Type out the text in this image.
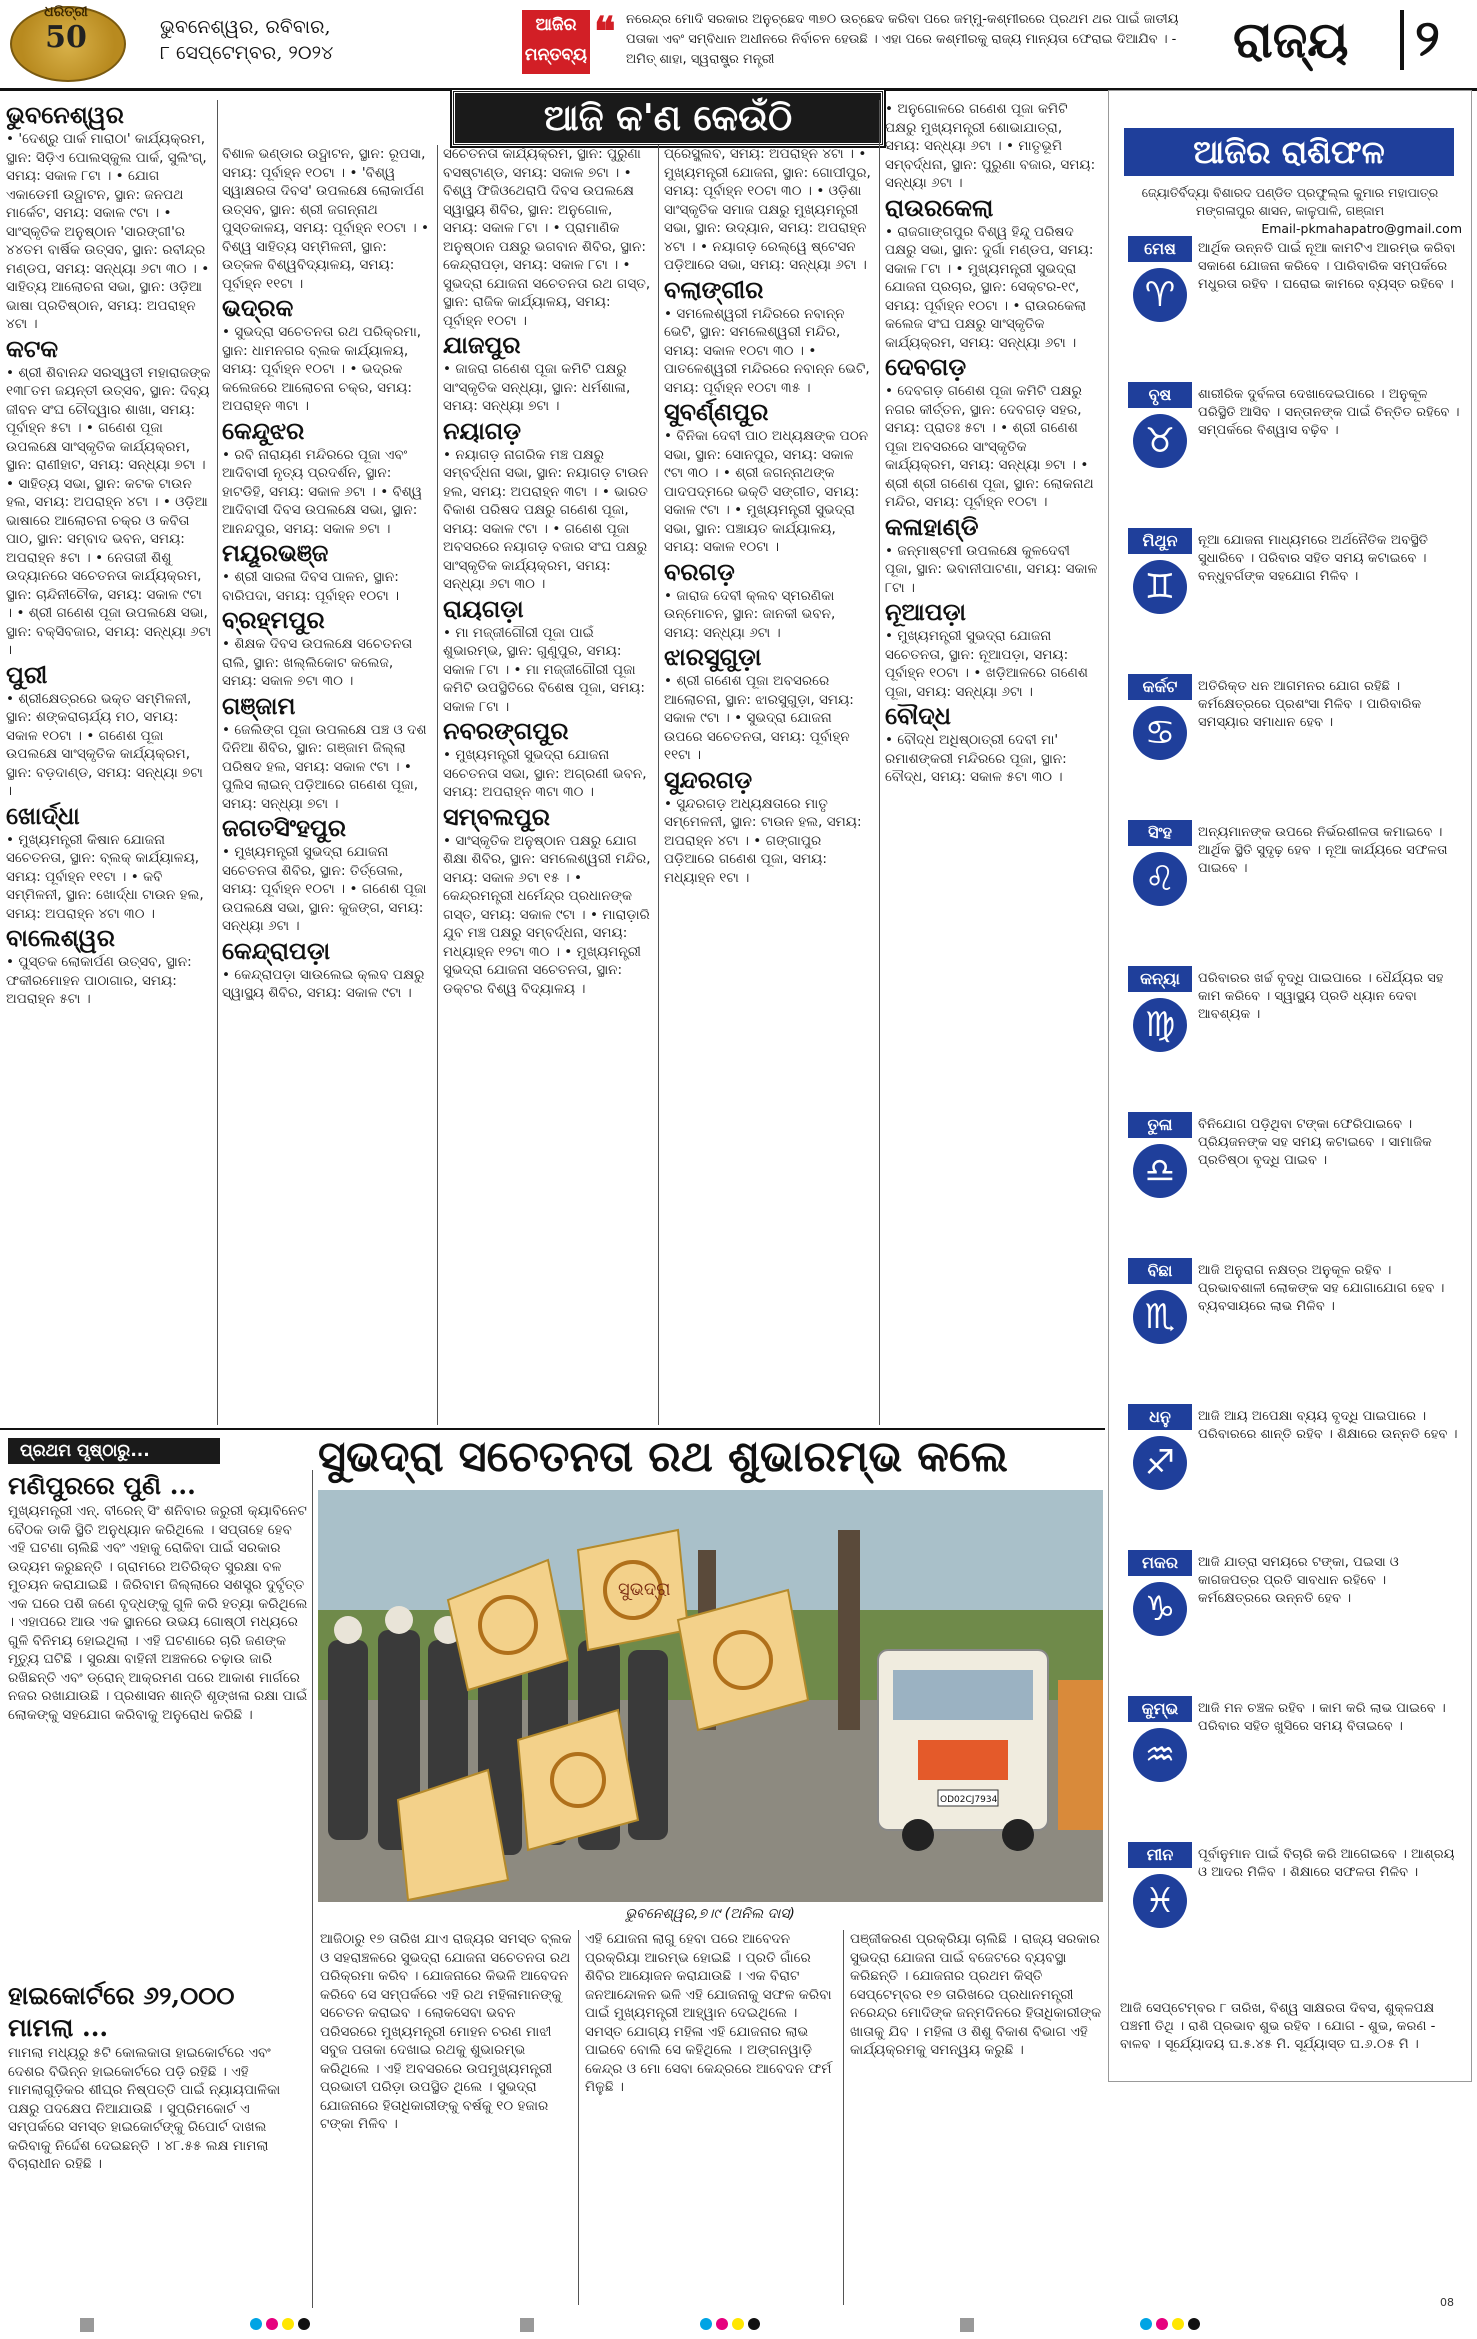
50
ଧରିତ୍ରୀ
ଭୁବନେଶ୍ୱର, ରବିବାର,
୮ ସେପ୍ଟେମ୍ବର, ୨୦୨୪
ଆଜିର ମନ୍ତବ୍ୟ ❝ ନରେନ୍ଦ୍ର ମୋଦି ସରକାର ଅନୁଚ୍ଛେଦ ୩୭୦ ଉଚ୍ଛେଦ କରିବା ପରେ ଜମ୍ମୁ-କଶ୍ମୀରରେ ପ୍ରଥମ ଥର ପାଇଁ ଜାତୀୟ ପତାକା ଏବଂ ସମ୍ବିଧାନ ଅଧୀନରେ ନିର୍ବାଚନ ହେଉଛି । ଏହା ପରେ କଶ୍ମୀରକୁ ରାଜ୍ୟ ମାନ୍ୟତା ଫେରାଇ ଦିଆଯିବ । - ଅମିତ୍ ଶାହା, ସ୍ୱରାଷ୍ଟ୍ର ମନ୍ତ୍ରୀ	ରାଜ୍ୟ	୨
ଆଜି କ'ଣ କେଉଁଠି
ଭୁବନେଶ୍ୱର
• 'ଦେଶ୍ରୁ ପାର୍କ ମାରାଠା' କାର୍ଯ୍ୟକ୍ରମ, ସ୍ଥାନ: ସିଡ଼ିଏ ପୋଲସ୍କୁଲ ପାର୍କ, ସୁଲିଂଗ୍, ସମୟ: ସକାଳ ୮ଟା । • ଯୋଗ ଏକାଡେମୀ ଉଦ୍ଘାଟନ, ସ୍ଥାନ: ଜନପଥ ମାର୍କେଟ, ସମୟ: ସକାଳ ୯ଟା । • ସାଂସ୍କୃତିକ ଅନୁଷ୍ଠାନ 'ସାରଙ୍ଗୀ'ର ୪୪ତମ ବାର୍ଷିକ ଉତ୍ସବ, ସ୍ଥାନ: ରବୀନ୍ଦ୍ର ମଣ୍ଡପ, ସମୟ: ସନ୍ଧ୍ୟା ୬ଟା ୩୦ । • ସାହିତ୍ୟ ଆଲୋଚନା ସଭା, ସ୍ଥାନ: ଓଡ଼ିଆ ଭାଷା ପ୍ରତିଷ୍ଠାନ, ସମୟ: ଅପରାହ୍ନ ୪ଟା ।
କଟକ
• ଶ୍ରୀ ଶିବାନନ୍ଦ ସରସ୍ୱତୀ ମହାରାଜଙ୍କ ୧୩୮ତମ ଜୟନ୍ତୀ ଉତ୍ସବ, ସ୍ଥାନ: ଦିବ୍ୟ ଜୀବନ ସଂଘ ଚୌଦ୍ୱାର ଶାଖା, ସମୟ: ପୂର୍ବାହ୍ନ ୫ଟା । • ଗଣେଶ ପୂଜା ଉପଲକ୍ଷେ ସାଂସ୍କୃତିକ କାର୍ଯ୍ୟକ୍ରମ, ସ୍ଥାନ: ରାଣୀହାଟ, ସମୟ: ସନ୍ଧ୍ୟା ୭ଟା । • ସାହିତ୍ୟ ସଭା, ସ୍ଥାନ: କଟକ ଟାଉନ ହଲ, ସମୟ: ଅପରାହ୍ନ ୪ଟା । • ଓଡ଼ିଆ ଭାଷାରେ ଆଲୋଚନା ଚକ୍ର ଓ କବିତା ପାଠ, ସ୍ଥାନ: ସମ୍ବାଦ ଭବନ, ସମୟ: ଅପରାହ୍ନ ୫ଟା । • ନେତାଜୀ ଶିଶୁ ଉଦ୍ୟାନରେ ସଚେତନତା କାର୍ଯ୍ୟକ୍ରମ, ସ୍ଥାନ: ଚାନ୍ଦିନୀଚୌକ, ସମୟ: ସକାଳ ୯ଟା । • ଶ୍ରୀ ଗଣେଶ ପୂଜା ଉପଲକ୍ଷେ ସଭା, ସ୍ଥାନ: ବକ୍ସିବଜାର, ସମୟ: ସନ୍ଧ୍ୟା ୬ଟା ।
ପୁରୀ
• ଶ୍ରୀକ୍ଷେତ୍ରରେ ଭକ୍ତ ସମ୍ମିଳନୀ, ସ୍ଥାନ: ଶଙ୍କରାଚାର୍ଯ୍ୟ ମଠ, ସମୟ: ସକାଳ ୧୦ଟା । • ଗଣେଶ ପୂଜା ଉପଲକ୍ଷେ ସାଂସ୍କୃତିକ କାର୍ଯ୍ୟକ୍ରମ, ସ୍ଥାନ: ବଡ଼ଦାଣ୍ଡ, ସମୟ: ସନ୍ଧ୍ୟା ୭ଟା ।
ଖୋର୍ଦ୍ଧା
• ମୁଖ୍ୟମନ୍ତ୍ରୀ କିଷାନ ଯୋଜନା ସଚେତନତା, ସ୍ଥାନ: ବ୍ଲକ୍ କାର୍ଯ୍ୟାଳୟ, ସମୟ: ପୂର୍ବାହ୍ନ ୧୧ଟା । • କବି ସମ୍ମିଳନୀ, ସ୍ଥାନ: ଖୋର୍ଦ୍ଧା ଟାଉନ ହଲ, ସମୟ: ଅପରାହ୍ନ ୪ଟା ୩୦ ।
ବାଲେଶ୍ୱର
• ପୁସ୍ତକ ଲୋକାର୍ପଣ ଉତ୍ସବ, ସ୍ଥାନ: ଫକୀରମୋହନ ପାଠାଗାର, ସମୟ: ଅପରାହ୍ନ ୫ଟା ।
ବିଶାଳ ଭଣ୍ଡାର ଉଦ୍ଘାଟନ, ସ୍ଥାନ: ରୂପସା, ସମୟ: ପୂର୍ବାହ୍ନ ୧୦ଟା । • 'ବିଶ୍ୱ ସ୍ୱାକ୍ଷରତା ଦିବସ' ଉପଲକ୍ଷେ ଲୋକାର୍ପଣ ଉତ୍ସବ, ସ୍ଥାନ: ଶ୍ରୀ ଜଗନ୍ନାଥ ପୁସ୍ତକାଳୟ, ସମୟ: ପୂର୍ବାହ୍ନ ୧୦ଟା । • ବିଶ୍ୱ ସାହିତ୍ୟ ସମ୍ମିଳନୀ, ସ୍ଥାନ: ଉତ୍କଳ ବିଶ୍ୱବିଦ୍ୟାଳୟ, ସମୟ: ପୂର୍ବାହ୍ନ ୧୧ଟା ।
ଭଦ୍ରକ
• ସୁଭଦ୍ରା ସଚେତନତା ରଥ ପରିକ୍ରମା, ସ୍ଥାନ: ଧାମନଗର ବ୍ଲକ କାର୍ଯ୍ୟାଳୟ, ସମୟ: ପୂର୍ବାହ୍ନ ୧୦ଟା । • ଭଦ୍ରକ କଲେଜରେ ଆଲୋଚନା ଚକ୍ର, ସମୟ: ଅପରାହ୍ନ ୩ଟା ।
କେନ୍ଦୁଝର
• ରବି ନାରାୟଣ ମନ୍ଦିରରେ ପୂଜା ଏବଂ ଆଦିବାସୀ ନୃତ୍ୟ ପ୍ରଦର୍ଶନ, ସ୍ଥାନ: ହାଟଡିହି, ସମୟ: ସକାଳ ୬ଟା । • ବିଶ୍ୱ ଆଦିବାସୀ ଦିବସ ଉପଲକ୍ଷେ ସଭା, ସ୍ଥାନ: ଆନନ୍ଦପୁର, ସମୟ: ସକାଳ ୭ଟା ।
ମୟୂରଭଞ୍ଜ
• ଶ୍ରୀ ସାରଳା ଦିବସ ପାଳନ, ସ୍ଥାନ: ବାରିପଦା, ସମୟ: ପୂର୍ବାହ୍ନ ୧୦ଟା ।
ବ୍ରହ୍ମପୁର
• ଶିକ୍ଷକ ଦିବସ ଉପଲକ୍ଷେ ସଚେତନତା ରାଲି, ସ୍ଥାନ: ଖଲ୍ଲିକୋଟ କଲେଜ, ସମୟ: ସକାଳ ୭ଟା ୩୦ ।
ଗଞ୍ଜାମ
• ଜେଲିଙ୍ଗ ପୂଜା ଉପଲକ୍ଷେ ପଞ୍ଚ ଓ ଦଶ ଦିନିଆ ଶିବିର, ସ୍ଥାନ: ଗଞ୍ଜାମ ଜିଲ୍ଲା ପରିଷଦ ହଲ, ସମୟ: ସକାଳ ୯ଟା । • ପୁଲିସ ଲାଇନ୍ ପଡ଼ିଆରେ ଗଣେଶ ପୂଜା, ସମୟ: ସନ୍ଧ୍ୟା ୭ଟା ।
ଜଗତସିଂହପୁର
• ମୁଖ୍ୟମନ୍ତ୍ରୀ ସୁଭଦ୍ରା ଯୋଜନା ସଚେତନତା ଶିବିର, ସ୍ଥାନ: ତିର୍ତ୍ତୋଲ, ସମୟ: ପୂର୍ବାହ୍ନ ୧୦ଟା । • ଗଣେଶ ପୂଜା ଉପଲକ୍ଷେ ସଭା, ସ୍ଥାନ: କୁଜଙ୍ଗ, ସମୟ: ସନ୍ଧ୍ୟା ୬ଟା ।
କେନ୍ଦ୍ରାପଡ଼ା
• କେନ୍ଦ୍ରାପଡ଼ା ସାଉଲେଇ କ୍ଲବ ପକ୍ଷରୁ ସ୍ୱାସ୍ଥ୍ୟ ଶିବିର, ସମୟ: ସକାଳ ୯ଟା ।
ସଚେତନତା କାର୍ଯ୍ୟକ୍ରମ, ସ୍ଥାନ: ପୁରୁଣା ବସଷ୍ଟାଣ୍ଡ, ସମୟ: ସକାଳ ୭ଟା । • ବିଶ୍ୱ ଫିଜିଓଥେରାପି ଦିବସ ଉପଲକ୍ଷେ ସ୍ୱାସ୍ଥ୍ୟ ଶିବିର, ସ୍ଥାନ: ଅନୁଗୋଳ, ସମୟ: ସକାଳ ୮ଟା । • ପ୍ରାମାଣିକ ଅନୁଷ୍ଠାନ ପକ୍ଷରୁ ଭଗବାନ ଶିବିର, ସ୍ଥାନ: କେନ୍ଦ୍ରାପଡ଼ା, ସମୟ: ସକାଳ ୮ଟା । • ସୁଭଦ୍ରା ଯୋଜନା ସଚେତନତା ରଥ ଗସ୍ତ, ସ୍ଥାନ: ରାଜିକ କାର୍ଯ୍ୟାଳୟ, ସମୟ: ପୂର୍ବାହ୍ନ ୧୦ଟା ।
ଯାଜପୁର
• ଜାଜରା ଗଣେଶ ପୂଜା କମିଟି ପକ୍ଷରୁ ସାଂସ୍କୃତିକ ସନ୍ଧ୍ୟା, ସ୍ଥାନ: ଧର୍ମଶାଳା, ସମୟ: ସନ୍ଧ୍ୟା ୭ଟା ।
ନୟାଗଡ଼
• ନୟାଗଡ଼ ନାଗରିକ ମଞ୍ଚ ପକ୍ଷରୁ ସମ୍ବର୍ଦ୍ଧନା ସଭା, ସ୍ଥାନ: ନୟାଗଡ଼ ଟାଉନ ହଲ, ସମୟ: ଅପରାହ୍ନ ୩ଟା । • ଭାରତ ବିକାଶ ପରିଷଦ ପକ୍ଷରୁ ଗଣେଶ ପୂଜା, ସମୟ: ସକାଳ ୯ଟା । • ଗଣେଶ ପୂଜା ଅବସରରେ ନୟାଗଡ଼ ବଜାର ସଂଘ ପକ୍ଷରୁ ସାଂସ୍କୃତିକ କାର୍ଯ୍ୟକ୍ରମ, ସମୟ: ସନ୍ଧ୍ୟା ୬ଟା ୩୦ ।
ରାୟଗଡ଼ା
• ମା ମଜ୍ଜୀଗୌରୀ ପୂଜା ପାଇଁ ଶୁଭାରମ୍ଭ, ସ୍ଥାନ: ଗୁଣୁପୁର, ସମୟ: ସକାଳ ୮ଟା । • ମା ମଜ୍ଜୀଗୌରୀ ପୂଜା କମିଟି ଉପସ୍ଥିତିରେ ବିଶେଷ ପୂଜା, ସମୟ: ସକାଳ ୮ଟା ।
ନବରଙ୍ଗପୁର
• ମୁଖ୍ୟମନ୍ତ୍ରୀ ସୁଭଦ୍ରା ଯୋଜନା ସଚେତନତା ସଭା, ସ୍ଥାନ: ଅଗ୍ରଣୀ ଭବନ, ସମୟ: ଅପରାହ୍ନ ୩ଟା ୩୦ ।
ସମ୍ବଲପୁର
• ସାଂସ୍କୃତିକ ଅନୁଷ୍ଠାନ ପକ୍ଷରୁ ଯୋଗ ଶିକ୍ଷା ଶିବିର, ସ୍ଥାନ: ସମଲେଶ୍ୱରୀ ମନ୍ଦିର, ସମୟ: ସକାଳ ୬ଟା ୧୫ । • କେନ୍ଦ୍ରମନ୍ତ୍ରୀ ଧର୍ମେନ୍ଦ୍ର ପ୍ରଧାନଙ୍କ ଗସ୍ତ, ସମୟ: ସକାଳ ୯ଟା । • ମାରାଡ଼ାରି ଯୁବ ମଞ୍ଚ ପକ୍ଷରୁ ସମ୍ବର୍ଦ୍ଧନା, ସମୟ: ମଧ୍ୟାହ୍ନ ୧୨ଟା ୩୦ । • ମୁଖ୍ୟମନ୍ତ୍ରୀ ସୁଭଦ୍ରା ଯୋଜନା ସଚେତନତା, ସ୍ଥାନ: ଡକ୍ଟର ବିଶ୍ୱ ବିଦ୍ୟାଳୟ ।
ପ୍ରେସ୍କ୍ଲବ, ସମୟ: ଅପରାହ୍ନ ୪ଟା । • ମୁଖ୍ୟମନ୍ତ୍ରୀ ଯୋଜନା, ସ୍ଥାନ: ଗୋପୀପୁର, ସମୟ: ପୂର୍ବାହ୍ନ ୧୦ଟା ୩୦ । • ଓଡ଼ିଶା ସାଂସ୍କୃତିକ ସମାଜ ପକ୍ଷରୁ ମୁଖ୍ୟମନ୍ତ୍ରୀ ସଭା, ସ୍ଥାନ: ଉଦ୍ୟାନ, ସମୟ: ଅପରାହ୍ନ ୪ଟା । • ନୟାଗଡ଼ ରେଲ୍ୱେ ଷ୍ଟେସନ ପଡ଼ିଆରେ ସଭା, ସମୟ: ସନ୍ଧ୍ୟା ୬ଟା ।
ବଲାଙ୍ଗୀର
• ସମଲେଶ୍ୱରୀ ମନ୍ଦିରରେ ନବାନ୍ନ ଭେଟି, ସ୍ଥାନ: ସମଲେଶ୍ୱରୀ ମନ୍ଦିର, ସମୟ: ସକାଳ ୧୦ଟା ୩୦ । • ପାତଳେଶ୍ୱରୀ ମନ୍ଦିରରେ ନବାନ୍ନ ଭେଟି, ସମୟ: ପୂର୍ବାହ୍ନ ୧୦ଟା ୩୫ ।
ସୁବର୍ଣ୍ଣପୁର
• ବିନିକା ଦେବୀ ପାଠ ଅଧ୍ୟକ୍ଷଙ୍କ ପଠନ ସଭା, ସ୍ଥାନ: ସୋନପୁର, ସମୟ: ସକାଳ ୯ଟା ୩୦ । • ଶ୍ରୀ ଜଗନ୍ନାଥଙ୍କ ପାଦପଦ୍ମରେ ଭକ୍ତି ସଙ୍ଗୀତ, ସମୟ: ସକାଳ ୯ଟା । • ମୁଖ୍ୟମନ୍ତ୍ରୀ ସୁଭଦ୍ରା ସଭା, ସ୍ଥାନ: ପଞ୍ଚାୟତ କାର୍ଯ୍ୟାଳୟ, ସମୟ: ସକାଳ ୧୦ଟା ।
ବରଗଡ଼
• ଜାରାଜ ଦେବୀ କ୍ଲବ ସ୍ମରଣିକା ଉନ୍ମୋଚନ, ସ୍ଥାନ: ଜାନକୀ ଭବନ, ସମୟ: ସନ୍ଧ୍ୟା ୬ଟା ।
ଝାରସୁଗୁଡ଼ା
• ଶ୍ରୀ ଗଣେଶ ପୂଜା ଅବସରରେ ଆଲୋଚନା, ସ୍ଥାନ: ଝାରସୁଗୁଡ଼ା, ସମୟ: ସକାଳ ୯ଟା । • ସୁଭଦ୍ରା ଯୋଜନା ଉପରେ ସଚେତନତା, ସମୟ: ପୂର୍ବାହ୍ନ ୧୧ଟା ।
ସୁନ୍ଦରଗଡ଼
• ସୁନ୍ଦରଗଡ଼ ଅଧ୍ୟକ୍ଷତାରେ ମାତୃ ସମ୍ମେଳନୀ, ସ୍ଥାନ: ଟାଉନ ହଲ, ସମୟ: ଅପରାହ୍ନ ୪ଟା । • ଗଙ୍ଗାପୁର ପଡ଼ିଆରେ ଗଣେଶ ପୂଜା, ସମୟ: ମଧ୍ୟାହ୍ନ ୧ଟା ।
• ଅନୁଗୋଳରେ ଗଣେଶ ପୂଜା କମିଟି ପକ୍ଷରୁ ମୁଖ୍ୟମନ୍ତ୍ରୀ ଶୋଭାଯାତ୍ରା, ସମୟ: ସନ୍ଧ୍ୟା ୬ଟା । • ମାତୃଭୂମି ସମ୍ବର୍ଦ୍ଧନା, ସ୍ଥାନ: ପୁରୁଣା ବଜାର, ସମୟ: ସନ୍ଧ୍ୟା ୬ଟା ।
ରାଉରକେଲା
• ରାଜଗାଙ୍ଗପୁର ବିଶ୍ୱ ହିନ୍ଦୁ ପରିଷଦ ପକ୍ଷରୁ ସଭା, ସ୍ଥାନ: ଦୁର୍ଗା ମଣ୍ଡପ, ସମୟ: ସକାଳ ୮ଟା । • ମୁଖ୍ୟମନ୍ତ୍ରୀ ସୁଭଦ୍ରା ଯୋଜନା ପ୍ରଚାର, ସ୍ଥାନ: ସେକ୍ଟର-୧୯, ସମୟ: ପୂର୍ବାହ୍ନ ୧୦ଟା । • ରାଉରକେଲା କଲେଜ ସଂଘ ପକ୍ଷରୁ ସାଂସ୍କୃତିକ କାର୍ଯ୍ୟକ୍ରମ, ସମୟ: ସନ୍ଧ୍ୟା ୬ଟା ।
ଦେବଗଡ଼
• ଦେବଗଡ଼ ଗଣେଶ ପୂଜା କମିଟି ପକ୍ଷରୁ ନଗର କୀର୍ତ୍ତନ, ସ୍ଥାନ: ଦେବଗଡ଼ ସହର, ସମୟ: ପ୍ରାତଃ ୫ଟା । • ଶ୍ରୀ ଗଣେଶ ପୂଜା ଅବସରରେ ସାଂସ୍କୃତିକ କାର୍ଯ୍ୟକ୍ରମ, ସମୟ: ସନ୍ଧ୍ୟା ୭ଟା । • ଶ୍ରୀ ଶ୍ରୀ ଗଣେଶ ପୂଜା, ସ୍ଥାନ: ଲୋକନାଥ ମନ୍ଦିର, ସମୟ: ପୂର୍ବାହ୍ନ ୧୦ଟା ।
କଳାହାଣ୍ଡି
• ଜନ୍ମାଷ୍ଟମୀ ଉପଲକ୍ଷେ କୁଳଦେବୀ ପୂଜା, ସ୍ଥାନ: ଭବାନୀପାଟଣା, ସମୟ: ସକାଳ ୮ଟା ।
ନୂଆପଡ଼ା
• ମୁଖ୍ୟମନ୍ତ୍ରୀ ସୁଭଦ୍ରା ଯୋଜନା ସଚେତନତା, ସ୍ଥାନ: ନୂଆପଡ଼ା, ସମୟ: ପୂର୍ବାହ୍ନ ୧୦ଟା । • ଖଡ଼ିଆଳରେ ଗଣେଶ ପୂଜା, ସମୟ: ସନ୍ଧ୍ୟା ୬ଟା ।
ବୌଦ୍ଧ
• ବୌଦ୍ଧ ଅଧିଷ୍ଠାତ୍ରୀ ଦେବୀ ମା' ରମାଶଙ୍କରୀ ମନ୍ଦିରରେ ପୂଜା, ସ୍ଥାନ: ବୌଦ୍ଧ, ସମୟ: ସକାଳ ୫ଟା ୩୦ ।
ଆଜିର ରାଶିଫଳ
ଜ୍ୟୋତିର୍ବିଦ୍ୟା ବିଶାରଦ ପଣ୍ଡିତ ପ୍ରଫୁଲ୍ଲ କୁମାର ମହାପାତ୍ର ମଙ୍ଗଳାପୁର ଶାସନ, କାଳୁପାଳି, ଗଞ୍ଜାମ
Email-pkmahapatro@gmail.com
ମେଷ
♈
ଆର୍ଥିକ ଉନ୍ନତି ପାଇଁ ନୂଆ କାମଟିଏ ଆରମ୍ଭ କରିବା ସକାଶେ ଯୋଜନା କରିବେ । ପାରିବାରିକ ସମ୍ପର୍କରେ ମଧୁରତା ରହିବ । ଘରୋଇ କାମରେ ବ୍ୟସ୍ତ ରହିବେ ।
ବୃଷ
♉
ଶାରୀରିକ ଦୁର୍ବଳତା ଦେଖାଦେଇପାରେ । ଅନୁକୂଳ ପରିସ୍ଥିତି ଆସିବ । ସନ୍ତାନଙ୍କ ପାଇଁ ଚିନ୍ତିତ ରହିବେ । ସମ୍ପର୍କରେ ବିଶ୍ୱାସ ବଢ଼ିବ ।
ମିଥୁନ
♊
ନୂଆ ଯୋଜନା ମାଧ୍ୟମରେ ଅର୍ଥନୈତିକ ଅବସ୍ଥିତି ସୁଧାରିବେ । ପରିବାର ସହିତ ସମୟ କଟାଇବେ । ବନ୍ଧୁବର୍ଗଙ୍କ ସହଯୋଗ ମିଳିବ ।
କର୍କଟ
♋
ଅତିରିକ୍ତ ଧନ ଆଗମନର ଯୋଗ ରହିଛି । କର୍ମକ୍ଷେତ୍ରରେ ପ୍ରଶଂସା ମିଳିବ । ପାରିବାରିକ ସମସ୍ୟାର ସମାଧାନ ହେବ ।
ସିଂହ
♌
ଅନ୍ୟମାନଙ୍କ ଉପରେ ନିର୍ଭରଶୀଳତା କମାଇବେ । ଆର୍ଥିକ ସ୍ଥିତି ସୁଦୃଢ଼ ହେବ । ନୂଆ କାର୍ଯ୍ୟରେ ସଫଳତା ପାଇବେ ।
କନ୍ୟା
♍
ପରିବାରର ଖର୍ଚ୍ଚ ବୃଦ୍ଧି ପାଇପାରେ । ଧୈର୍ଯ୍ୟର ସହ କାମ କରିବେ । ସ୍ୱାସ୍ଥ୍ୟ ପ୍ରତି ଧ୍ୟାନ ଦେବା ଆବଶ୍ୟକ ।
ତୁଳା
♎
ବିନିଯୋଗ ପଡ଼ିଥିବା ଟଙ୍କା ଫେରିପାଇବେ । ପ୍ରିୟଜନଙ୍କ ସହ ସମୟ କଟାଇବେ । ସାମାଜିକ ପ୍ରତିଷ୍ଠା ବୃଦ୍ଧି ପାଇବ ।
ବିଛା
♏
ଆଜି ଅନୁରାଗ ନକ୍ଷତ୍ର ଅନୁକୂଳ ରହିବ । ପ୍ରଭାବଶାଳୀ ଲୋକଙ୍କ ସହ ଯୋଗାଯୋଗ ହେବ । ବ୍ୟବସାୟରେ ଲାଭ ମିଳିବ ।
ଧନୁ
♐
ଆଜି ଆୟ ଅପେକ୍ଷା ବ୍ୟୟ ବୃଦ୍ଧି ପାଇପାରେ । ପରିବାରରେ ଶାନ୍ତି ରହିବ । ଶିକ୍ଷାରେ ଉନ୍ନତି ହେବ ।
ମକର
♑
ଆଜି ଯାତ୍ରା ସମୟରେ ଟଙ୍କା, ପଇସା ଓ କାଗଜପତ୍ର ପ୍ରତି ସାବଧାନ ରହିବେ । କର୍ମକ୍ଷେତ୍ରରେ ଉନ୍ନତି ହେବ ।
କୁମ୍ଭ
♒
ଆଜି ମନ ଚଞ୍ଚଳ ରହିବ । କାମ କରି ଲାଭ ପାଇବେ । ପରିବାର ସହିତ ଖୁସିରେ ସମୟ ବିତାଇବେ ।
ମୀନ
♓
ପୂର୍ବାନୁମାନ ପାଇଁ ବିଚାରି କରି ଆଗେଇବେ । ଆଶ୍ରୟ ଓ ଆଦର ମିଳିବ । ଶିକ୍ଷାରେ ସଫଳତା ମିଳିବ ।
ଆଜି ସେପ୍ଟେମ୍ବର ୮ ତାରିଖ, ବିଶ୍ୱ ସାକ୍ଷରତା ଦିବସ, ଶୁକ୍ଳପକ୍ଷ ପଞ୍ଚମୀ ତିଥି । ରାଶି ପ୍ରଭାବ ଶୁଭ ରହିବ । ଯୋଗ - ଶୁଭ, କରଣ - ବାଳବ । ସୂର୍ଯ୍ୟୋଦୟ ଘ.୫.୪୫ ମି. ସୂର୍ଯ୍ୟାସ୍ତ ଘ.୬.୦୫ ମି ।
ପ୍ରଥମ ପୃଷ୍ଠାରୁ...	ସୁଭଦ୍ରା ସଚେତନତା ରଥ ଶୁଭାରମ୍ଭ କଲେ
ସୁଭଦ୍ରା
OD02CJ7934
ଭୁବନେଶ୍ୱର,୭।୯ (ଅନିଲ ଦାସ)
ମଣିପୁରରେ ପୁଣି ...
ମୁଖ୍ୟମନ୍ତ୍ରୀ ଏନ୍. ବୀରେନ୍ ସିଂ ଶନିବାର ଜରୁରୀ କ୍ୟାବିନେଟ ବୈଠକ ଡାକି ସ୍ଥିତି ଅନୁଧ୍ୟାନ କରିଥିଲେ । ସପ୍ତାହେ ହେବ ଏହି ଘଟଣା ଚାଲିଛି ଏବଂ ଏହାକୁ ରୋକିବା ପାଇଁ ସରକାର ଉଦ୍ୟମ କରୁଛନ୍ତି । ଗ୍ରାମରେ ଅତିରିକ୍ତ ସୁରକ୍ଷା ବଳ ମୁତୟନ କରାଯାଇଛି । ଜିରିବାମ ଜିଲ୍ଲାରେ ସଶସ୍ତ୍ର ଦୁର୍ବୃତ୍ତ ଏକ ଘରେ ପଶି ଜଣେ ବୃଦ୍ଧଙ୍କୁ ଗୁଳି କରି ହତ୍ୟା କରିଥିଲେ । ଏହାପରେ ଆଉ ଏକ ସ୍ଥାନରେ ଉଭୟ ଗୋଷ୍ଠୀ ମଧ୍ୟରେ ଗୁଳି ବିନିମୟ ହୋଇଥିଲା । ଏହି ଘଟଣାରେ ଚାରି ଜଣଙ୍କ ମୃତ୍ୟୁ ଘଟିଛି । ସୁରକ୍ଷା ବାହିନୀ ଅଞ୍ଚଳରେ ଚଢ଼ାଉ ଜାରି ରଖିଛନ୍ତି ଏବଂ ଡ୍ରୋନ୍ ଆକ୍ରମଣ ପରେ ଆକାଶ ମାର୍ଗରେ ନଜର ରଖାଯାଉଛି । ପ୍ରଶାସନ ଶାନ୍ତି ଶୃଙ୍ଖଳା ରକ୍ଷା ପାଇଁ ଲୋକଙ୍କୁ ସହଯୋଗ କରିବାକୁ ଅନୁରୋଧ କରିଛି ।
ହାଇକୋର୍ଟରେ ୬୨,୦୦୦ ମାମଲା ...
ମାମଲା ମଧ୍ୟରୁ ୫ଟି କୋଲକାତା ହାଇକୋର୍ଟରେ ଏବଂ ଦେଶର ବିଭିନ୍ନ ହାଇକୋର୍ଟରେ ପଡ଼ି ରହିଛି । ଏହି ମାମଲାଗୁଡ଼ିକର ଶୀଘ୍ର ନିଷ୍ପତ୍ତି ପାଇଁ ନ୍ୟାୟପାଳିକା ପକ୍ଷରୁ ପଦକ୍ଷେପ ନିଆଯାଉଛି । ସୁପ୍ରିମକୋର୍ଟ ଏ ସମ୍ପର୍କରେ ସମସ୍ତ ହାଇକୋର୍ଟଙ୍କୁ ରିପୋର୍ଟ ଦାଖଲ କରିବାକୁ ନିର୍ଦ୍ଦେଶ ଦେଇଛନ୍ତି । ୪୮.୫୫ ଲକ୍ଷ ମାମଲା ବିଚାରାଧୀନ ରହିଛି ।
ଆଜିଠାରୁ ୧୭ ତାରିଖ ଯାଏ ରାଜ୍ୟର ସମସ୍ତ ବ୍ଲକ ଓ ସହରାଞ୍ଚଳରେ ସୁଭଦ୍ରା ଯୋଜନା ସଚେତନତା ରଥ ପରିକ୍ରମା କରିବ । ଯୋଜନାରେ କିଭଳି ଆବେଦନ କରିବେ ସେ ସମ୍ପର୍କରେ ଏହି ରଥ ମହିଳାମାନଙ୍କୁ ସଚେତନ କରାଇବ । ଲୋକସେବା ଭବନ ପରିସରରେ ମୁଖ୍ୟମନ୍ତ୍ରୀ ମୋହନ ଚରଣ ମାଝୀ ସବୁଜ ପତାକା ଦେଖାଇ ରଥକୁ ଶୁଭାରମ୍ଭ କରିଥିଲେ । ଏହି ଅବସରରେ ଉପମୁଖ୍ୟମନ୍ତ୍ରୀ ପ୍ରଭାତୀ ପରିଡ଼ା ଉପସ୍ଥିତ ଥିଲେ । ସୁଭଦ୍ରା ଯୋଜନାରେ ହିତାଧିକାରୀଙ୍କୁ ବର୍ଷକୁ ୧୦ ହଜାର ଟଙ୍କା ମିଳିବ ।
ଏହି ଯୋଜନା ଲାଗୁ ହେବା ପରେ ଆବେଦନ ପ୍ରକ୍ରିୟା ଆରମ୍ଭ ହୋଇଛି । ପ୍ରତି ଗାଁରେ ଶିବିର ଆୟୋଜନ କରାଯାଉଛି । ଏକ ବିରାଟ ଜନଆନ୍ଦୋଳନ ଭଳି ଏହି ଯୋଜନାକୁ ସଫଳ କରିବା ପାଇଁ ମୁଖ୍ୟମନ୍ତ୍ରୀ ଆହ୍ୱାନ ଦେଇଥିଲେ । ସମସ୍ତ ଯୋଗ୍ୟ ମହିଳା ଏହି ଯୋଜନାର ଲାଭ ପାଇବେ ବୋଲି ସେ କହିଥିଲେ । ଅଙ୍ଗନୱାଡ଼ି କେନ୍ଦ୍ର ଓ ମୋ ସେବା କେନ୍ଦ୍ରରେ ଆବେଦନ ଫର୍ମ ମିଳୁଛି ।
ପଞ୍ଜୀକରଣ ପ୍ରକ୍ରିୟା ଚାଲିଛି । ରାଜ୍ୟ ସରକାର ସୁଭଦ୍ରା ଯୋଜନା ପାଇଁ ବଜେଟରେ ବ୍ୟବସ୍ଥା କରିଛନ୍ତି । ଯୋଜନାର ପ୍ରଥମ କିସ୍ତି ସେପ୍ଟେମ୍ବର ୧୭ ତାରିଖରେ ପ୍ରଧାନମନ୍ତ୍ରୀ ନରେନ୍ଦ୍ର ମୋଦିଙ୍କ ଜନ୍ମଦିନରେ ହିତାଧିକାରୀଙ୍କ ଖାତାକୁ ଯିବ । ମହିଳା ଓ ଶିଶୁ ବିକାଶ ବିଭାଗ ଏହି କାର୍ଯ୍ୟକ୍ରମକୁ ସମନ୍ୱୟ କରୁଛି ।
08
